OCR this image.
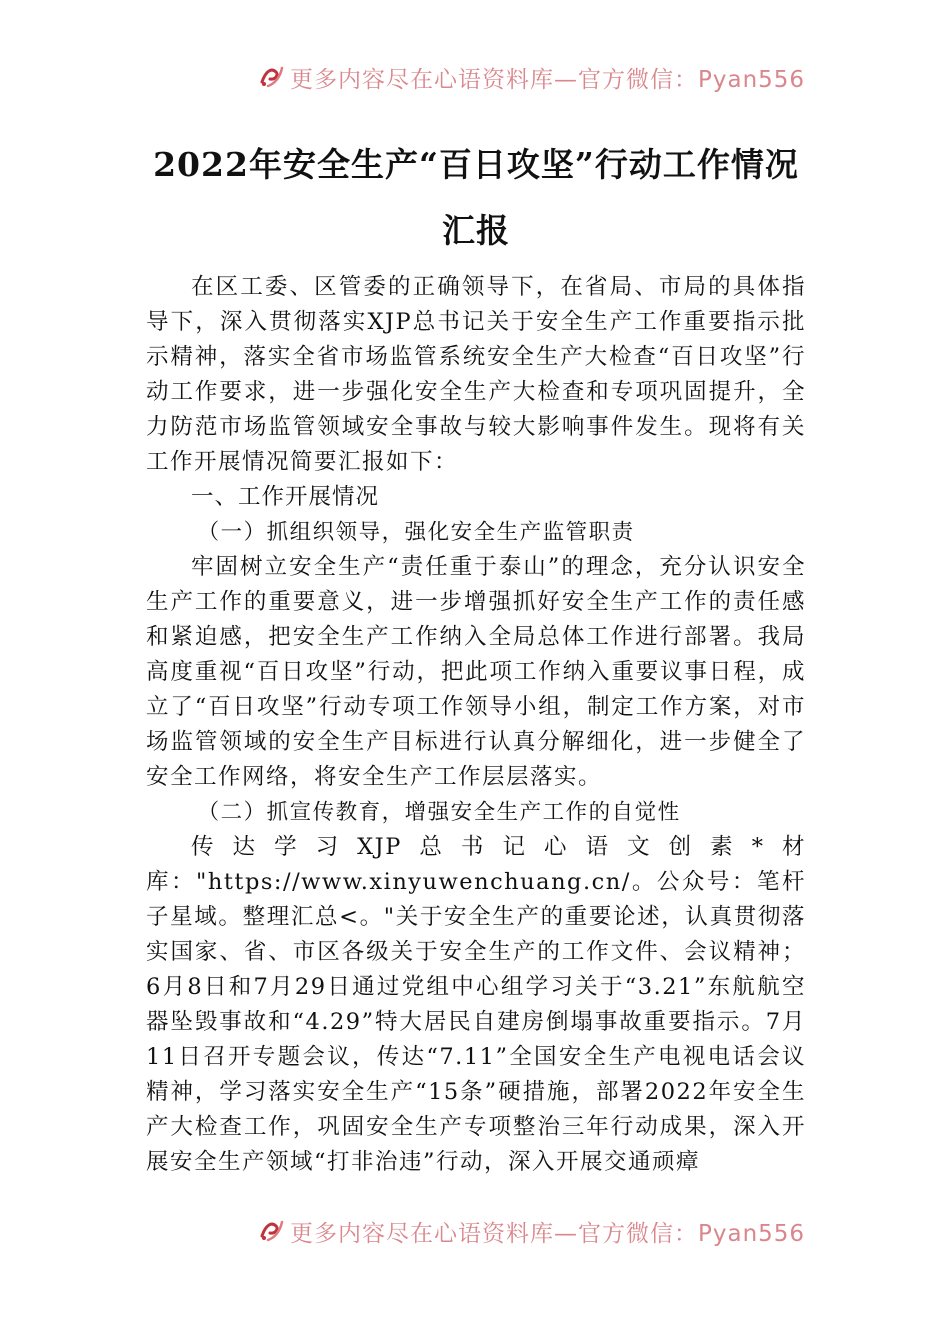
更多内容尽在心语资料库—官方微信：Pyan556
2022年安全生产“百日攻坚”行动工作情况汇报

在区工委、区管委的正确领导下，在省局、市局的具体指导下，深入贯彻落实XJP总书记关于安全生产工作重要指示批示精神，落实全省市场监管系统安全生产大检查“百日攻坚”行动工作要求，进一步强化安全生产大检查和专项巩固提升，全力防范市场监管领域安全事故与较大影响事件发生。现将有关工作开展情况简要汇报如下：

一、工作开展情况

（一）抓组织领导，强化安全生产监管职责

牢固树立安全生产“责任重于泰山”的理念，充分认识安全生产工作的重要意义，进一步增强抓好安全生产工作的责任感和紧迫感，把安全生产工作纳入全局总体工作进行部署。我局高度重视“百日攻坚”行动，把此项工作纳入重要议事日程，成立了“百日攻坚”行动专项工作领导小组，制定工作方案，对市场监管领域的安全生产目标进行认真分解细化，进一步健全了安全工作网络，将安全生产工作层层落实。

（二）抓宣传教育，增强安全生产工作的自觉性

传达学习XJP总书记心语文创素*材库："https://www.xinyuwenchuang.cn/。公众号：笔杆子星域。整理汇总<。"关于安全生产的重要论述，认真贯彻落实国家、省、市区各级关于安全生产的工作文件、会议精神；6月8日和7月29日通过党组中心组学习关于“3.21”东航航空器坠毁事故和“4.29”特大居民自建房倒塌事故重要指示。7月11日召开专题会议，传达“7.11”全国安全生产电视电话会议精神，学习落实安全生产“15条”硬措施，部署2022年安全生产大检查工作，巩固安全生产专项整治三年行动成果，深入开展安全生产领域“打非治违”行动，深入开展交通顽瘴

更多内容尽在心语资料库—官方微信：Pyan556
